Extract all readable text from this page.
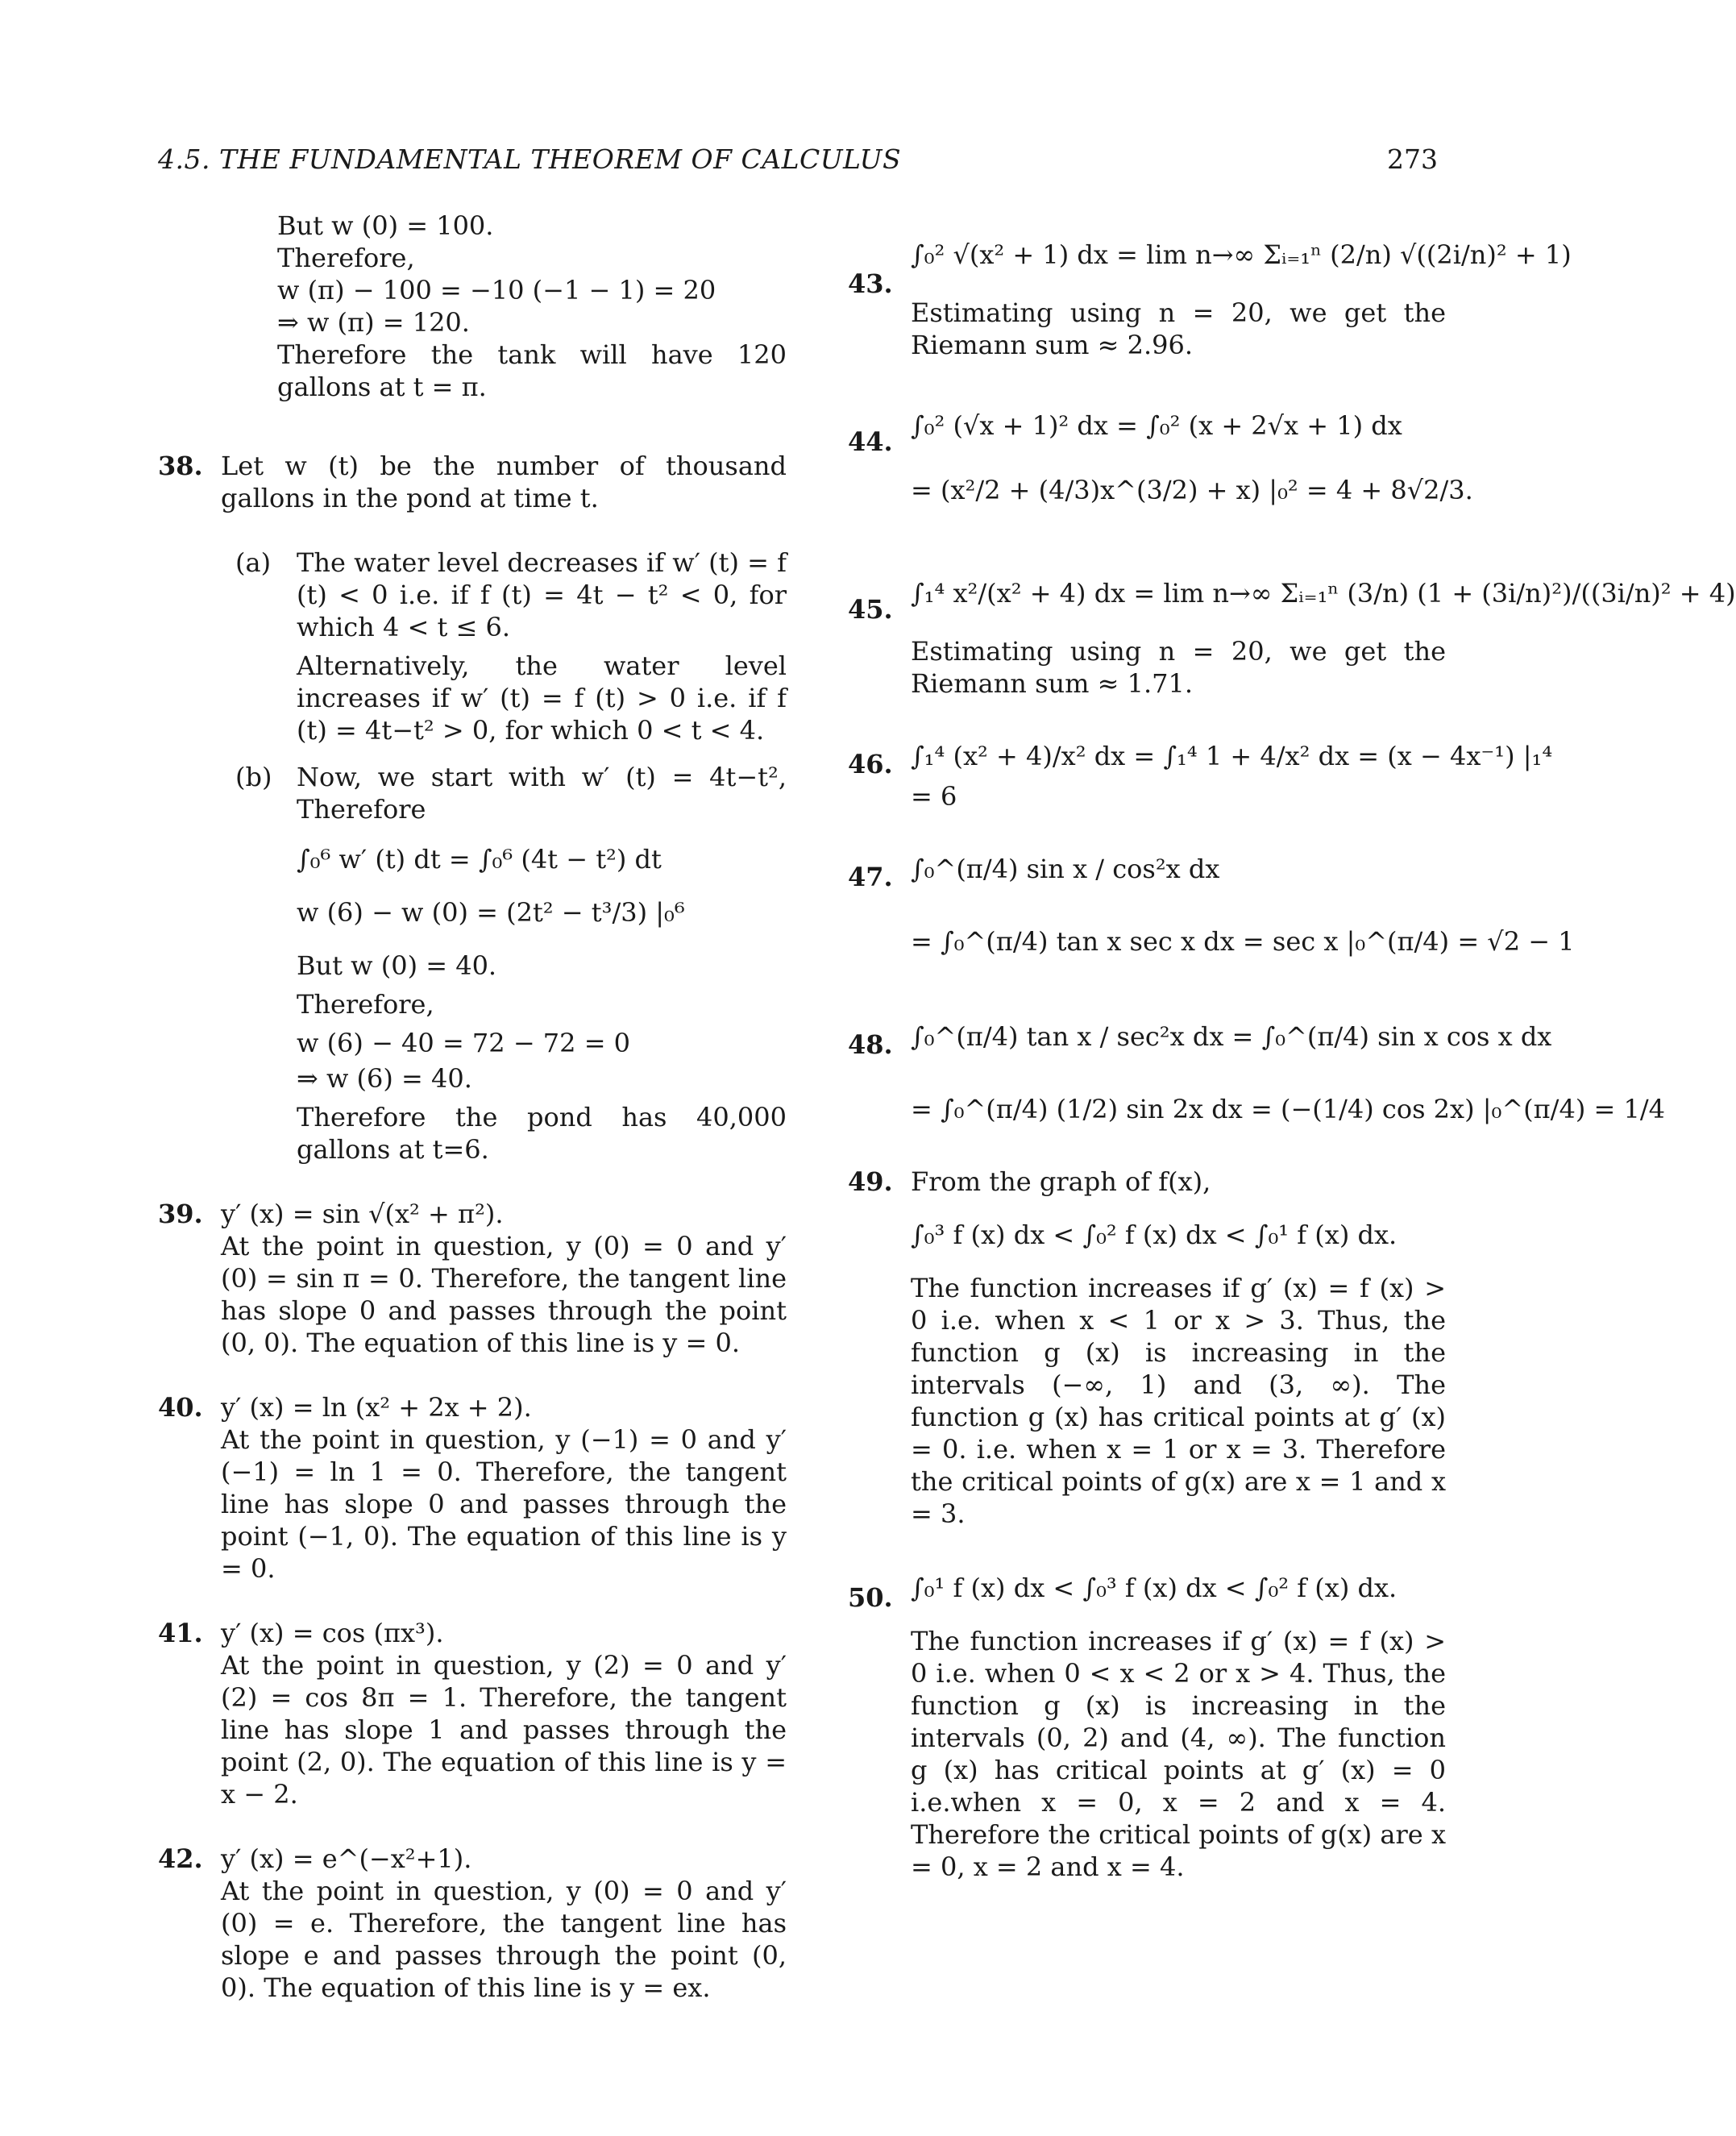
4.5. THE FUNDAMENTAL THEOREM OF CALCULUS	273
But w (0) = 100.
Therefore,
w (π) − 100 = −10 (−1 − 1) = 20
⇒ w (π) = 120.
Therefore the tank will have 120 gallons at t = π.
38. Let w (t) be the number of thousand gallons in the pond at time t.
(a) The water level decreases if w′ (t) = f (t) < 0 i.e. if f (t) = 4t − t² < 0, for which 4 < t ≤ 6.
Alternatively, the water level increases if w′ (t) = f (t) > 0 i.e. if f (t) = 4t−t² > 0, for which 0 < t < 4.
(b) Now, we start with w′ (t) = 4t−t², Therefore
∫₀⁶ w′ (t) dt = ∫₀⁶ (4t − t²) dt
w (6) − w (0) = (2t² − t³/3) |₀⁶
But w (0) = 40.
Therefore,
w (6) − 40 = 72 − 72 = 0
⇒ w (6) = 40.
Therefore the pond has 40,000 gallons at t=6.
39. y′ (x) = sin √(x² + π²).
At the point in question, y (0) = 0 and y′ (0) = sin π = 0. Therefore, the tangent line has slope 0 and passes through the point (0, 0). The equation of this line is y = 0.
40. y′ (x) = ln (x² + 2x + 2).
At the point in question, y (−1) = 0 and y′ (−1) = ln 1 = 0. Therefore, the tangent line has slope 0 and passes through the point (−1, 0). The equation of this line is y = 0.
41. y′ (x) = cos (πx³).
At the point in question, y (2) = 0 and y′ (2) = cos 8π = 1. Therefore, the tangent line has slope 1 and passes through the point (2, 0). The equation of this line is y = x − 2.
42. y′ (x) = e^(−x²+1).
At the point in question, y (0) = 0 and y′ (0) = e. Therefore, the tangent line has slope e and passes through the point (0, 0). The equation of this line is y = ex.
43.
∫₀² √(x² + 1) dx = lim n→∞ Σᵢ₌₁ⁿ (2/n) √((2i/n)² + 1)
Estimating using n = 20, we get the Riemann sum ≈ 2.96.
44.
∫₀² (√x + 1)² dx = ∫₀² (x + 2√x + 1) dx
= (x²/2 + (4/3)x^(3/2) + x) |₀² = 4 + 8√2/3.
45.
∫₁⁴ x²/(x² + 4) dx = lim n→∞ Σᵢ₌₁ⁿ (3/n) (1 + (3i/n)²)/((3i/n)² + 4)
Estimating using n = 20, we get the Riemann sum ≈ 1.71.
46. ∫₁⁴ (x² + 4)/x² dx = ∫₁⁴ 1 + 4/x² dx = (x − 4x⁻¹) |₁⁴
= 6
47. ∫₀^(π/4) sin x / cos²x dx
= ∫₀^(π/4) tan x sec x dx = sec x |₀^(π/4) = √2 − 1
48. ∫₀^(π/4) tan x / sec²x dx = ∫₀^(π/4) sin x cos x dx
= ∫₀^(π/4) (1/2) sin 2x dx = (−(1/4) cos 2x) |₀^(π/4) = 1/4
49. From the graph of f(x),
∫₀³ f (x) dx < ∫₀² f (x) dx < ∫₀¹ f (x) dx.
The function increases if g′ (x) = f (x) > 0 i.e. when x < 1 or x > 3. Thus, the function g (x) is increasing in the intervals (−∞, 1) and (3, ∞). The function g (x) has critical points at g′ (x) = 0. i.e. when x = 1 or x = 3. Therefore the critical points of g(x) are x = 1 and x = 3.
50. ∫₀¹ f (x) dx < ∫₀³ f (x) dx < ∫₀² f (x) dx.
The function increases if g′ (x) = f (x) > 0 i.e. when 0 < x < 2 or x > 4. Thus, the function g (x) is increasing in the intervals (0, 2) and (4, ∞). The function g (x) has critical points at g′ (x) = 0 i.e.when x = 0, x = 2 and x = 4. Therefore the critical points of g(x) are x = 0, x = 2 and x = 4.
